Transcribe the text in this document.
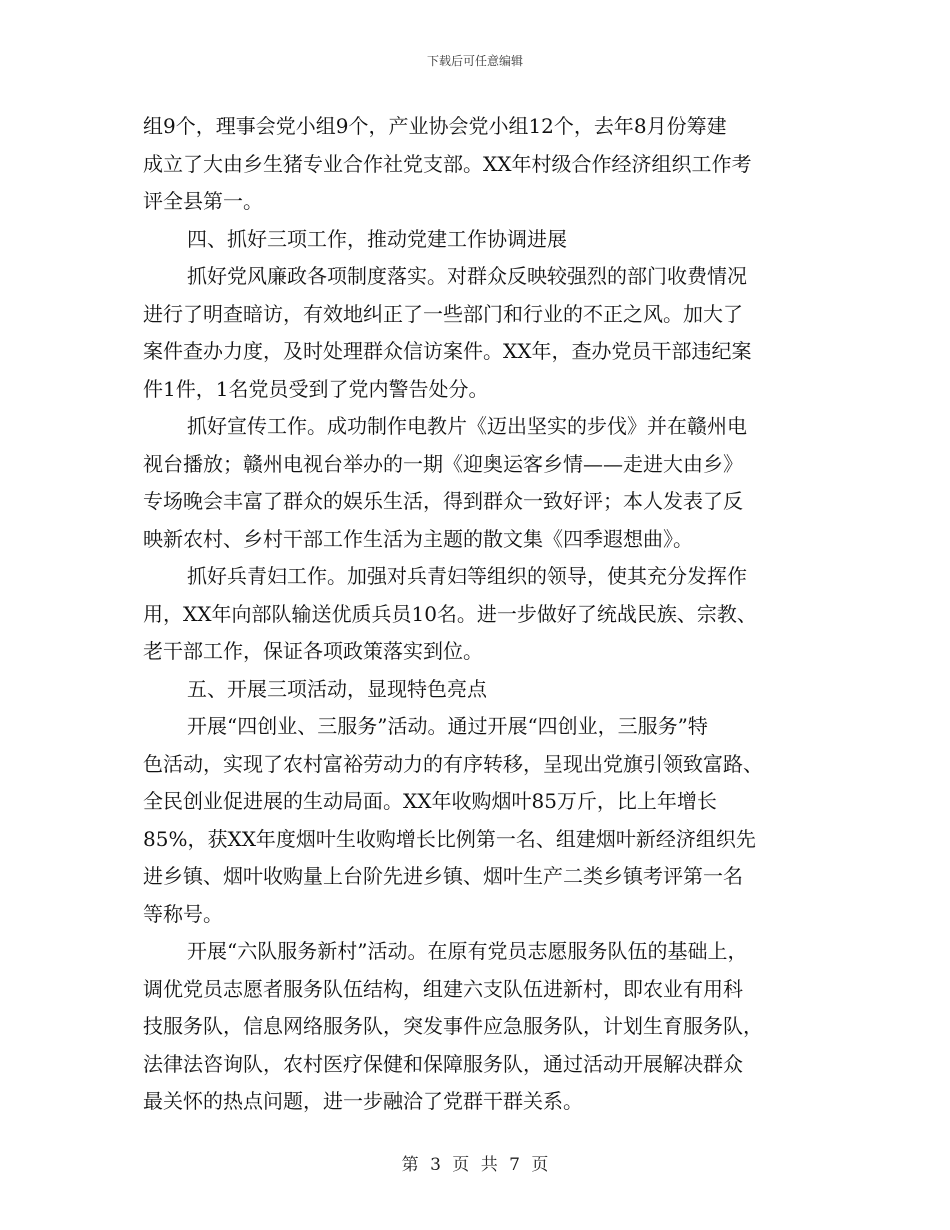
下载后可任意编辑
组9个，理事会党小组9个，产业协会党小组12个，去年8月份筹建
成立了大由乡生猪专业合作社党支部。XX年村级合作经济组织工作考
评全县第一。
四、抓好三项工作，推动党建工作协调进展
抓好党风廉政各项制度落实。对群众反映较强烈的部门收费情况
进行了明查暗访，有效地纠正了一些部门和行业的不正之风。加大了
案件查办力度，及时处理群众信访案件。XX年，查办党员干部违纪案
件1件，1名党员受到了党内警告处分。
抓好宣传工作。成功制作电教片《迈出坚实的步伐》并在赣州电
视台播放；赣州电视台举办的一期《迎奥运客乡情——走进大由乡》
专场晚会丰富了群众的娱乐生活，得到群众一致好评；本人发表了反
映新农村、乡村干部工作生活为主题的散文集《四季遐想曲》。
抓好兵青妇工作。加强对兵青妇等组织的领导，使其充分发挥作
用，XX年向部队输送优质兵员10名。进一步做好了统战民族、宗教、
老干部工作，保证各项政策落实到位。
五、开展三项活动，显现特色亮点
开展“四创业、三服务”活动。通过开展“四创业，三服务”特
色活动，实现了农村富裕劳动力的有序转移，呈现出党旗引领致富路、
全民创业促进展的生动局面。XX年收购烟叶85万斤，比上年增长
85%，获XX年度烟叶生收购增长比例第一名、组建烟叶新经济组织先
进乡镇、烟叶收购量上台阶先进乡镇、烟叶生产二类乡镇考评第一名
等称号。
开展“六队服务新村”活动。在原有党员志愿服务队伍的基础上，
调优党员志愿者服务队伍结构，组建六支队伍进新村，即农业有用科
技服务队，信息网络服务队，突发事件应急服务队，计划生育服务队，
法律法咨询队，农村医疗保健和保障服务队，通过活动开展解决群众
最关怀的热点问题，进一步融洽了党群干群关系。
第 3 页 共 7 页
